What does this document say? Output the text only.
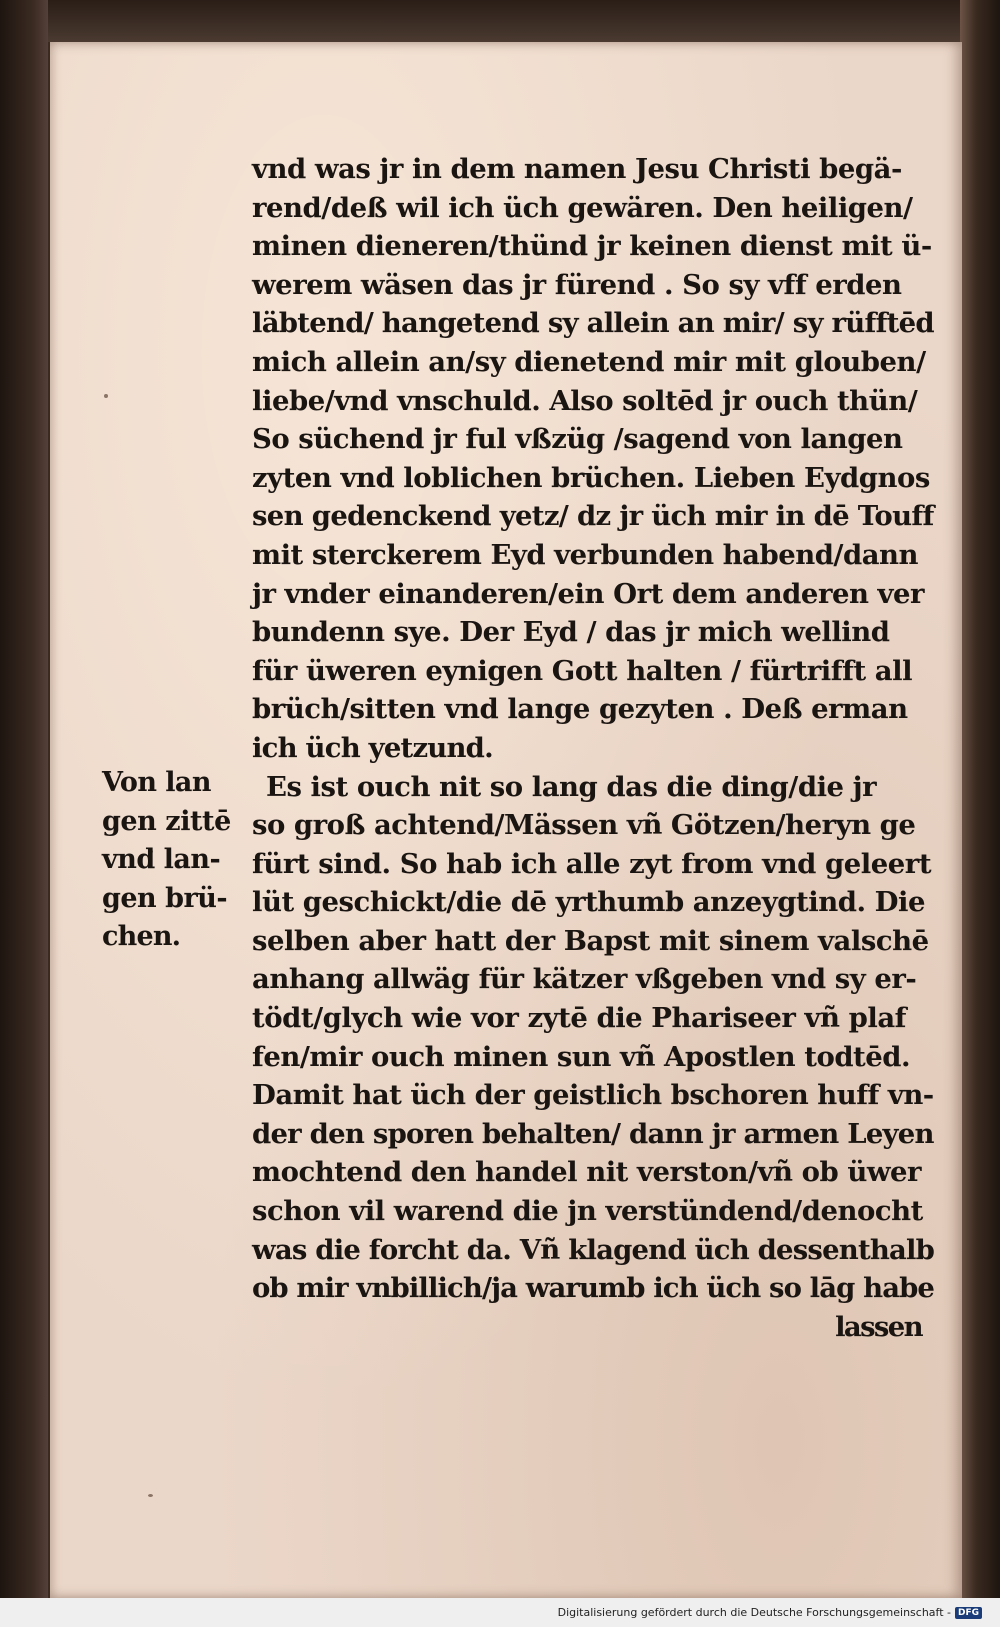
vnd was jr in dem namen Jesu Christi begä-
rend/deß wil ich üch gewären. Den heiligen/
minen dieneren/thünd jr keinen dienst mit ü-
werem wäsen das jr fürend . So sy vff erden
läbtend/ hangetend sy allein an mir/ sy rüfftēd
mich allein an/sy dienetend mir mit glouben/
liebe/vnd vnschuld. Also soltēd jr ouch thün/
So süchend jr ful vßzüg /sagend von langen
zyten vnd loblichen brüchen. Lieben Eydgnos
sen gedenckend yetz/ dz jr üch mir in dē Touff
mit sterckerem Eyd verbunden habend/dann
jr vnder einanderen/ein Ort dem anderen ver
bundenn sye. Der Eyd / das jr mich wellind
für üweren eynigen Gott halten / fürtrifft all
brüch/sitten vnd lange gezyten . Deß erman
ich üch yetzund.
Es ist ouch nit so lang das die ding/die jr
so groß achtend/Mässen vñ Götzen/heryn ge
fürt sind. So hab ich alle zyt from vnd geleert
lüt geschickt/die dē yrthumb anzeygtind. Die
selben aber hatt der Bapst mit sinem valschē
anhang allwäg für kätzer vßgeben vnd sy er-
tödt/glych wie vor zytē die Phariseer vñ plaf
fen/mir ouch minen sun vñ Apostlen todtēd.
Damit hat üch der geistlich bschoren huff vn-
der den sporen behalten/ dann jr armen Leyen
mochtend den handel nit verston/vñ ob üwer
schon vil warend die jn verstündend/denocht
was die forcht da. Vñ klagend üch dessenthalb
ob mir vnbillich/ja warumb ich üch so lāg habe
lassen
Von lan
gen zittē
vnd lan-
gen brü-
chen.
Digitalisierung gefördert durch die Deutsche Forschungsgemeinschaft - DFG
